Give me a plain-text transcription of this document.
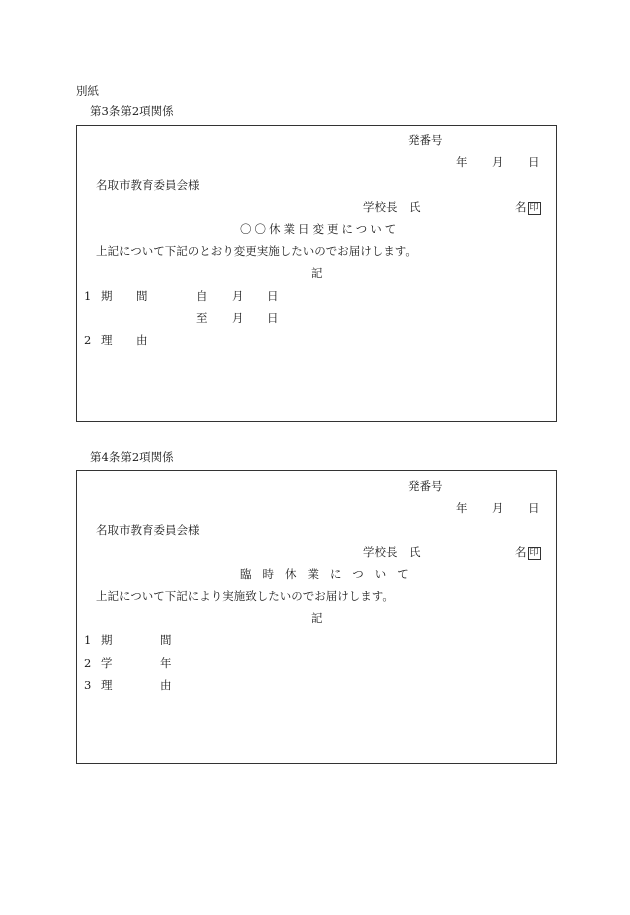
別紙
第3条第2項関係
発番号
年 月 日
名取市教育委員会様
学校長　氏	名 印
〇〇休業日変更について
上記について下記のとおり変更実施したいのでお届けします。
記
1 期 間	自 月 日
至 月 日
2 理 由
第4条第2項関係
発番号
年 月 日
名取市教育委員会様
学校長　氏	名 印
臨時休業について
上記について下記により実施致したいのでお届けします。
記
1 期	間
2 学	年
3 理	由
